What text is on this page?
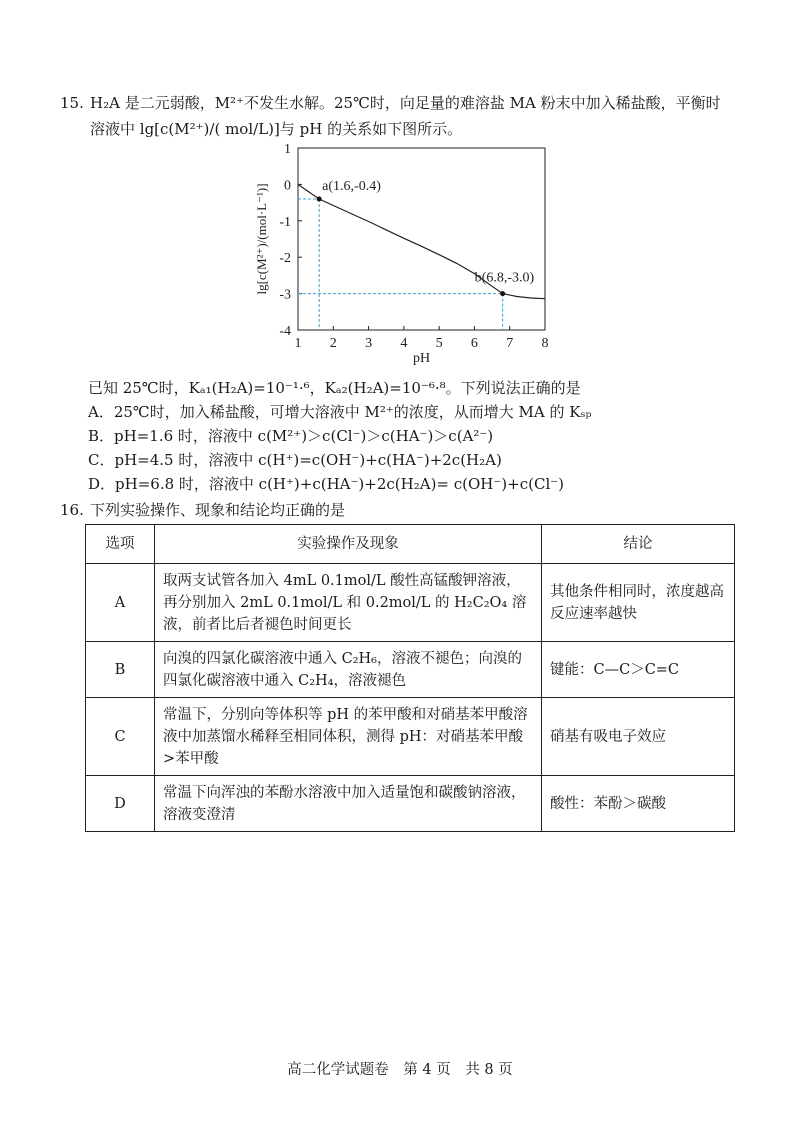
15. H₂A 是二元弱酸，M²⁺不发生水解。25℃时，向足量的难溶盐 MA 粉末中加入稀盐酸，平衡时
溶液中 lg[c(M²⁺)/( mol/L)]与 pH 的关系如下图所示。
1 2 3 4 5 6 7 8
1
0
-1
-2
-3
-4
pH
lg[c(M²⁺)/(mol·L⁻¹)]	a(1.6,-0.4)
b(6.8,-3.0)
已知 25℃时，Kₐ₁(H₂A)=10⁻¹·⁶，Kₐ₂(H₂A)=10⁻⁶·⁸。下列说法正确的是
A．25℃时，加入稀盐酸，可增大溶液中 M²⁺的浓度，从而增大 MA 的 Kₛₚ
B．pH=1.6 时，溶液中 c(M²⁺)＞c(Cl⁻)＞c(HA⁻)＞c(A²⁻)
C．pH=4.5 时，溶液中 c(H⁺)=c(OH⁻)+c(HA⁻)+2c(H₂A)
D．pH=6.8 时，溶液中 c(H⁺)+c(HA⁻)+2c(H₂A)= c(OH⁻)+c(Cl⁻)
16. 下列实验操作、现象和结论均正确的是
选项	实验操作及现象	结论
A	取两支试管各加入 4mL 0.1mol/L 酸性高锰酸钾溶液，再分别加入 2mL 0.1mol/L 和 0.2mol/L 的 H₂C₂O₄ 溶液，前者比后者褪色时间更长	其他条件相同时，浓度越高反应速率越快
B	向溴的四氯化碳溶液中通入 C₂H₆，溶液不褪色；向溴的四氯化碳溶液中通入 C₂H₄，溶液褪色	键能：C—C＞C=C
C	常温下，分别向等体积等 pH 的苯甲酸和对硝基苯甲酸溶液中加蒸馏水稀释至相同体积，测得 pH：对硝基苯甲酸>苯甲酸	硝基有吸电子效应
D	常温下向浑浊的苯酚水溶液中加入适量饱和碳酸钠溶液，溶液变澄清	酸性：苯酚＞碳酸
高二化学试题卷　第 4 页　共 8 页
